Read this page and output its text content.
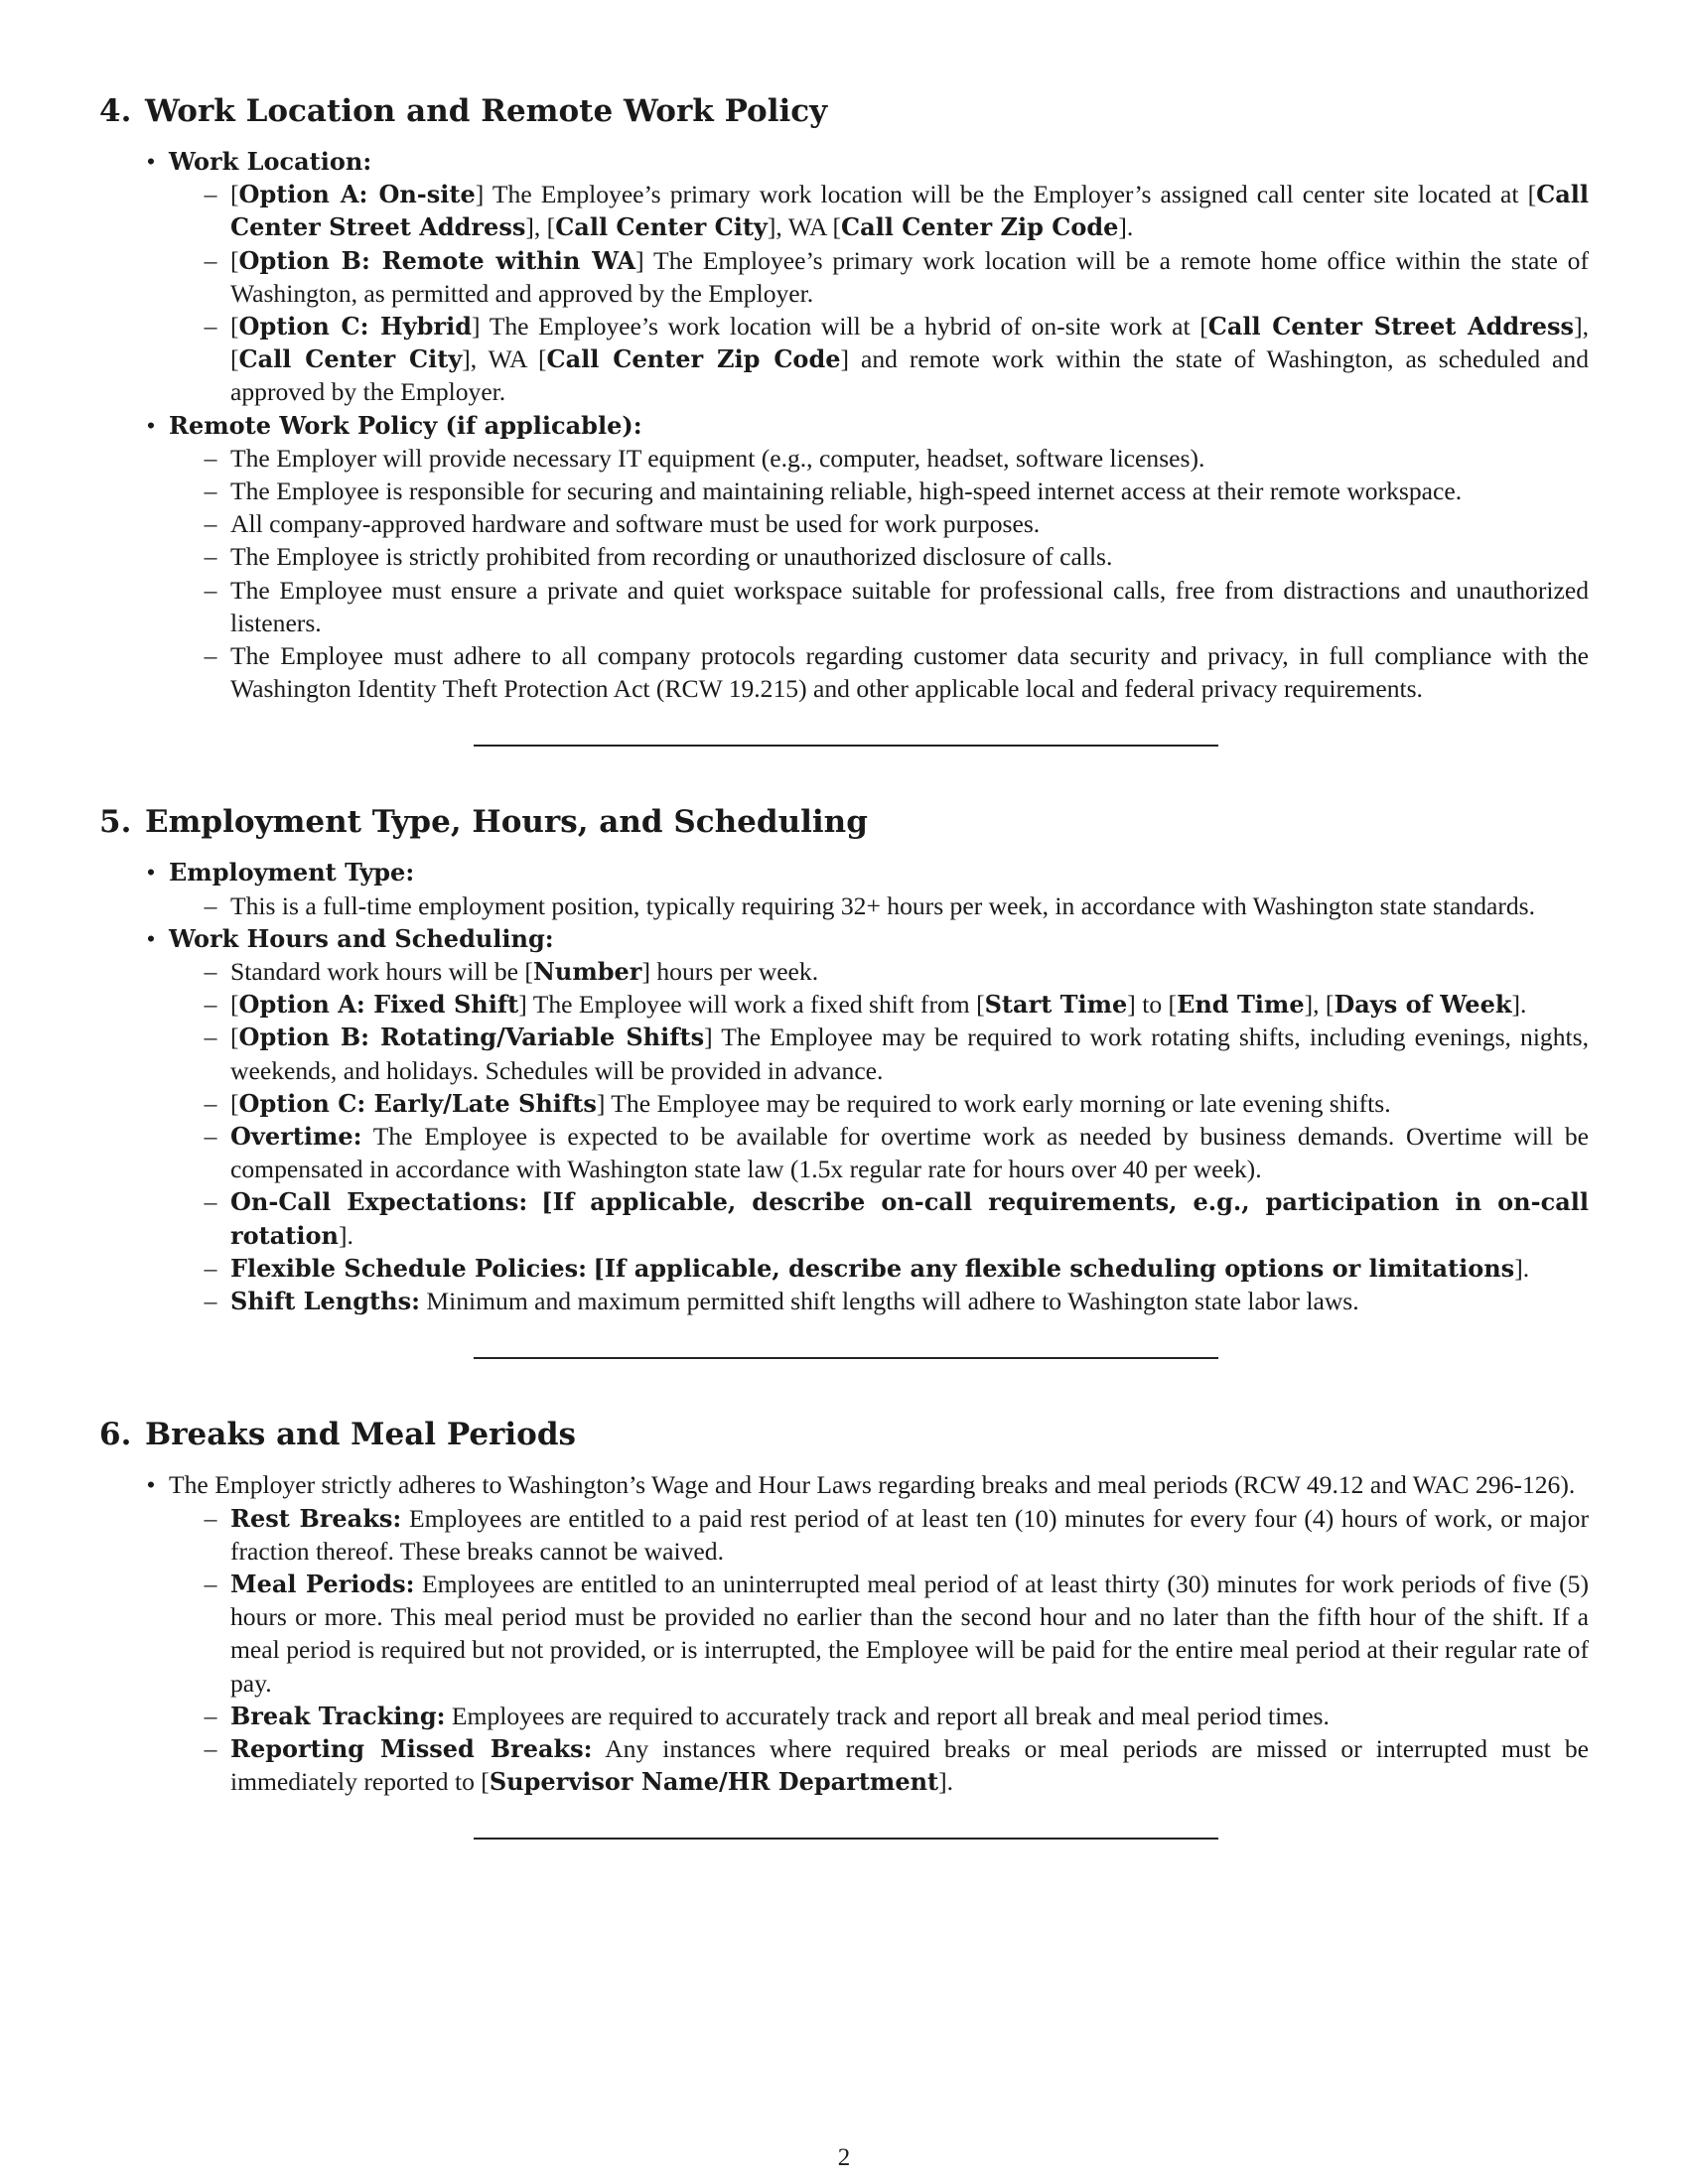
4. Work Location and Remote Work Policy
• Work Location:
– [Option A: On-site] The Employee’s primary work location will be the Employer’s assigned call center site located at [Call Center Street Address], [Call Center City], WA [Call Center Zip Code].
– [Option B: Remote within WA] The Employee’s primary work location will be a remote home office within the state of Washington, as permitted and approved by the Employer.
– [Option C: Hybrid] The Employee’s work location will be a hybrid of on-site work at [Call Center Street Address], [Call Center City], WA [Call Center Zip Code] and remote work within the state of Washington, as scheduled and approved by the Employer.
• Remote Work Policy (if applicable):
– The Employer will provide necessary IT equipment (e.g., computer, headset, software licenses).
– The Employee is responsible for securing and maintaining reliable, high-speed internet access at their remote workspace.
– All company-approved hardware and software must be used for work purposes.
– The Employee is strictly prohibited from recording or unauthorized disclosure of calls.
– The Employee must ensure a private and quiet workspace suitable for professional calls, free from distractions and unauthorized listeners.
– The Employee must adhere to all company protocols regarding customer data security and privacy, in full compliance with the Washington Identity Theft Protection Act (RCW 19.215) and other applicable local and federal privacy requirements.
5. Employment Type, Hours, and Scheduling
• Employment Type:
– This is a full-time employment position, typically requiring 32+ hours per week, in accordance with Washington state standards.
• Work Hours and Scheduling:
– Standard work hours will be [Number] hours per week.
– [Option A: Fixed Shift] The Employee will work a fixed shift from [Start Time] to [End Time], [Days of Week].
– [Option B: Rotating/Variable Shifts] The Employee may be required to work rotating shifts, including evenings, nights, weekends, and holidays. Schedules will be provided in advance.
– [Option C: Early/Late Shifts] The Employee may be required to work early morning or late evening shifts.
– Overtime: The Employee is expected to be available for overtime work as needed by business demands. Overtime will be compensated in accordance with Washington state law (1.5x regular rate for hours over 40 per week).
– On-Call Expectations: [If applicable, describe on-call requirements, e.g., participation in on-call rotation].
– Flexible Schedule Policies: [If applicable, describe any flexible scheduling options or limitations].
– Shift Lengths: Minimum and maximum permitted shift lengths will adhere to Washington state labor laws.
6. Breaks and Meal Periods
• The Employer strictly adheres to Washington’s Wage and Hour Laws regarding breaks and meal periods (RCW 49.12 and WAC 296-126).
– Rest Breaks: Employees are entitled to a paid rest period of at least ten (10) minutes for every four (4) hours of work, or major fraction thereof. These breaks cannot be waived.
– Meal Periods: Employees are entitled to an uninterrupted meal period of at least thirty (30) minutes for work periods of five (5) hours or more. This meal period must be provided no earlier than the second hour and no later than the fifth hour of the shift. If a meal period is required but not provided, or is interrupted, the Employee will be paid for the entire meal period at their regular rate of pay.
– Break Tracking: Employees are required to accurately track and report all break and meal period times.
– Reporting Missed Breaks: Any instances where required breaks or meal periods are missed or interrupted must be immediately reported to [Supervisor Name/HR Department].
2
